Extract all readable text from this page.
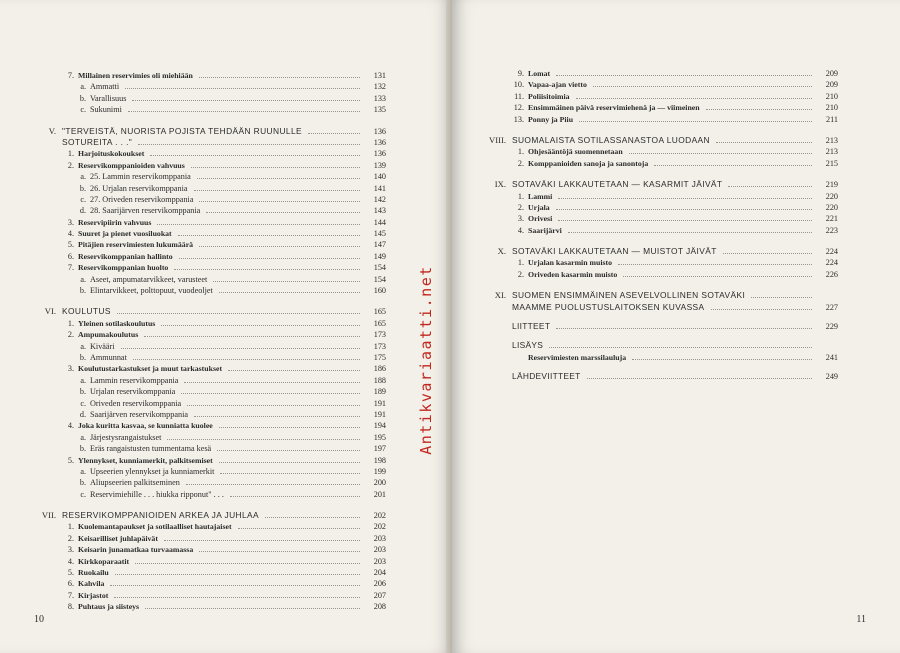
7. Millainen reservimies oli miehiään	131
a. Ammatti	132
b. Varallisuus	133
c. Sukunimi	135
V. "TERVEISTÄ, NUORISTA POJISTA TEHDÄÄN RUUNULLE	136
SOTUREITA . . ."	136
1. Harjoituskokoukset	136
2. Reservikomppanioiden vahvuus	139
a. 25. Lammin reservikomppania	140
b. 26. Urjalan reservikomppania	141
c. 27. Oriveden reservikomppania	142
d. 28. Saarijärven reservikomppania	143
3. Reservipiirin vahvuus	144
4. Suuret ja pienet vuosiluokat	145
5. Pitäjien reservimiesten lukumäärä	147
6. Reservikomppanian hallinto	149
7. Reservikomppanian huolto	154
a. Aseet, ampumatarvikkeet, varusteet	154
b. Elintarvikkeet, polttopuut, vuodeoljet	160
VI. KOULUTUS	165
1. Yleinen sotilaskoulutus	165
2. Ampumakoulutus	173
a. Kivääri	173
b. Ammunnat	175
3. Koulutustarkastukset ja muut tarkastukset	186
a. Lammin reservikomppania	188
b. Urjalan reservikomppania	189
c. Oriveden reservikomppania	191
d. Saarijärven reservikomppania	191
4. Joka kuritta kasvaa, se kunniatta kuolee	194
a. Järjestysrangaistukset	195
b. Eräs rangaistusten tummentama kesä	197
5. Ylennykset, kunniamerkit, palkitsemiset	198
a. Upseerien ylennykset ja kunniamerkit	199
b. Aliupseerien palkitseminen	200
c. Reservimiehille . . . hiukka ripponut" . . .	201
VII. RESERVIKOMPPANIOIDEN ARKEA JA JUHLAA	202
1. Kuolemantapaukset ja sotilaalliset hautajaiset	202
2. Keisarilliset juhlapäivät	203
3. Keisarin junamatkaa turvaamassa	203
4. Kirkkoparaatit	203
5. Ruokailu	204
6. Kahvila	206
7. Kirjastot	207
8. Puhtaus ja siisteys	208
10
9. Lomat	209
10. Vapaa-ajan vietto	209
11. Poliisitoimia	210
12. Ensimmäinen päivä reservimiehenä ja — viimeinen	210
13. Ponny ja Piiu	211
VIII. SUOMALAISTA SOTILASSANASTOA LUODAAN	213
1. Ohjesääntöjä suomennetaan	213
2. Komppanioiden sanoja ja sanontoja	215
IX. SOTAVÄKI LAKKAUTETAAN — KASARMIT JÄIVÄT	219
1. Lammi	220
2. Urjala	220
3. Orivesi	221
4. Saarijärvi	223
X. SOTAVÄKI LAKKAUTETAAN — MUISTOT JÄIVÄT	224
1. Urjalan kasarmin muisto	224
2. Oriveden kasarmin muisto	226
XI. SUOMEN ENSIMMÄINEN ASEVELVOLLINEN SOTAVÄKI
MAAMME PUOLUSTUSLAITOKSEN KUVASSA	227
LIITTEET	229
LISÄYS
Reservimiesten marssilauluja	241
LÄHDEVIITTEET	249
11
Antikvariaatti.net
